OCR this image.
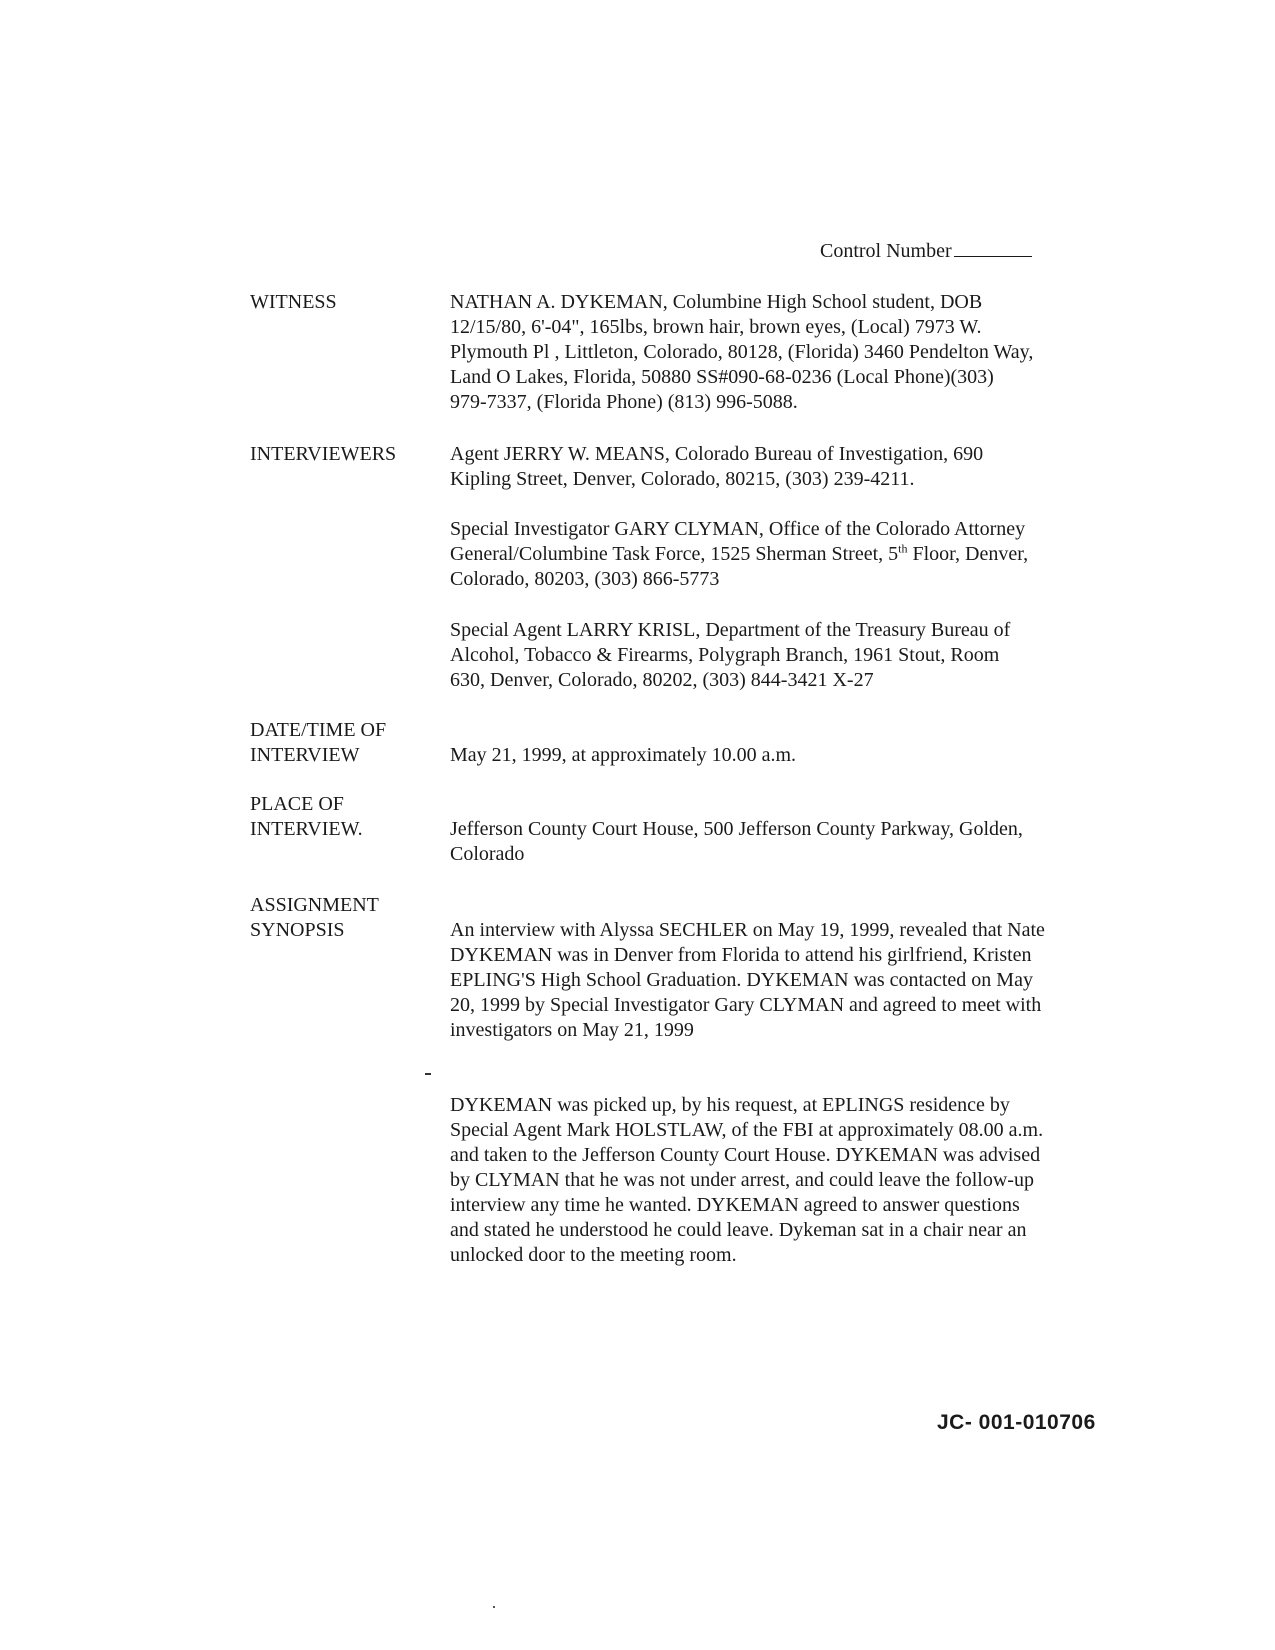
Control Number
WITNESS	NATHAN A. DYKEMAN, Columbine High School student, DOB 12/15/80, 6'-04", 165lbs, brown hair, brown eyes, (Local) 7973 W. Plymouth Pl , Littleton, Colorado, 80128, (Florida) 3460 Pendelton Way, Land O Lakes, Florida, 50880 SS#090-68-0236 (Local Phone)(303) 979-7337, (Florida Phone) (813) 996-5088.
INTERVIEWERS	Agent JERRY W. MEANS, Colorado Bureau of Investigation, 690 Kipling Street, Denver, Colorado, 80215, (303) 239-4211.
Special Investigator GARY CLYMAN, Office of the Colorado Attorney General/Columbine Task Force, 1525 Sherman Street, 5th Floor, Denver, Colorado, 80203, (303) 866-5773
Special Agent LARRY KRISL, Department of the Treasury Bureau of Alcohol, Tobacco & Firearms, Polygraph Branch, 1961 Stout, Room 630, Denver, Colorado, 80202, (303) 844-3421 X-27
DATE/TIME OF
INTERVIEW	May 21, 1999, at approximately 10.00 a.m.
PLACE OF
INTERVIEW.	Jefferson County Court House, 500 Jefferson County Parkway, Golden, Colorado
ASSIGNMENT
SYNOPSIS	An interview with Alyssa SECHLER on May 19, 1999, revealed that Nate DYKEMAN was in Denver from Florida to attend his girlfriend, Kristen EPLING'S High School Graduation. DYKEMAN was contacted on May 20, 1999 by Special Investigator Gary CLYMAN and agreed to meet with investigators on May 21, 1999
DYKEMAN was picked up, by his request, at EPLINGS residence by Special Agent Mark HOLSTLAW, of the FBI at approximately 08.00 a.m. and taken to the Jefferson County Court House. DYKEMAN was advised by CLYMAN that he was not under arrest, and could leave the follow-up interview any time he wanted. DYKEMAN agreed to answer questions and stated he understood he could leave. Dykeman sat in a chair near an unlocked door to the meeting room.
JC- 001-010706
